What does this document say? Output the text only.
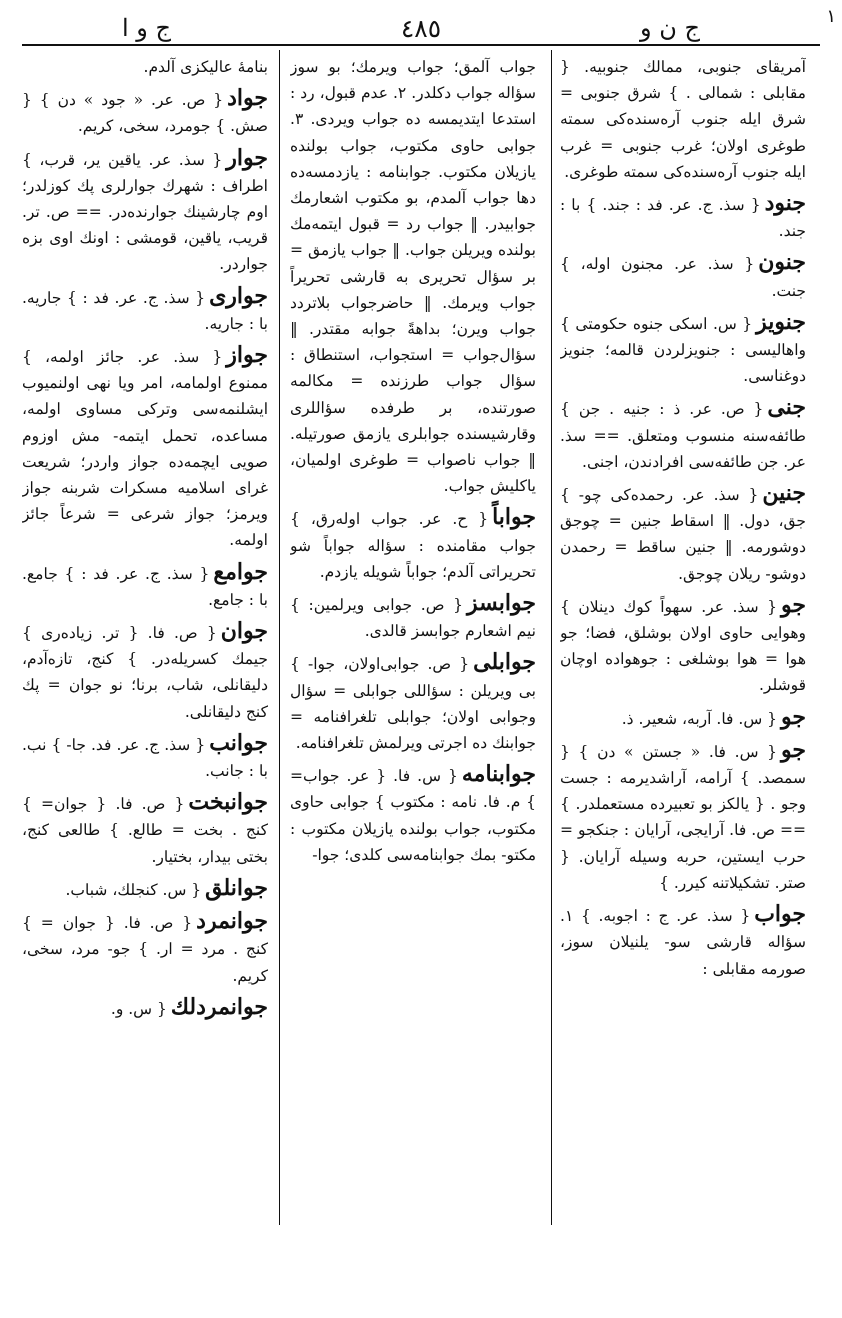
ج و ا	٤٨٥	ج ن و	١
آمریقای جنوبی، ممالك جنوبیه. { مقابلی : شمالی . } شرق جنوبی = شرق ایله جنوب آره‌سنده‌کی سمته طوغری اولان؛ غرب جنوبی = غرب ایله جنوب آره‌سنده‌کی سمته طوغری.
جنود{ سذ. ج. عر. فد : جند. } با : جند.
جنون{ سذ. عر. مجنون اوله، } جنت.
جنویز{ س. اسکی جنوه حکومتی } واهالیسی : جنویزلردن قالمه؛ جنویز دوغناسی.
جنی{ ص. عر. ذ : جنیه . جن } طائفه‌سنه منسوب ومتعلق. == سذ. عر. جن طائفه‌سی افرادندن، اجنی.
جنین{ سذ. عر. رحمده‌کی چو- } جق، دول. ‖ اسقاط جنین = چوجق دوشورمه. ‖ جنین ساقط = رحمدن دوشو- ریلان چوجق.
جو{ سذ. عر. سهواً کوك دینلان } وهوایی حاوی اولان بوشلق، فضا؛ جو هوا = هوا بوشلغی : جوهواده اوچان قوشلر.
جو{ س. فا. آربه، شعیر. ذ.
جو{ س. فا. « جستن » دن } { سمصد. } آرامه، آراشدیرمه : جست وجو . { یالکز بو تعبیرده مستعملدر. } == ص. فا. آرایجی، آرایان : جنکجو = حرب ایستین، حربه وسیله آرایان. { صتر. تشکیلاتنه کیرر. }
جواب{ سذ. عر. ج : اجوبه. } ١. سؤاله قارشی سو- یلنیلان سوز، صورمه مقابلی :
جواب آلمق؛ جواب ویرمك؛ بو سوز سؤاله جواب دکلدر. ٢. عدم قبول، رد : استدعا ایتدیمسه ده جواب ویردی. ٣. جوابی حاوی مکتوب، جواب بولنده یازیلان مکتوب. جوابنامه : یازدمسه‌ده دها جواب آلمدم، بو مکتوب اشعارمك جوابیدر. ‖ جواب رد = قبول ایتمه‌مك بولنده ویریلن جواب. ‖ جواب یازمق = بر سؤال تحریری به قارشی تحریراً جواب ویرمك. ‖ حاضرجواب بلاتردد جواب ویرن؛ بداهةً جوابه مقتدر. ‖ سؤال‌جواب = استجواب، استنطاق : سؤال جواب طرزنده = مکالمه صورتنده، بر طرفده سؤاللری وقارشیسنده جوابلری یازمق صورتیله. ‖ جواب ناصواب = طوغری اولمیان، یاکلیش جواب.
جواباً{ ح. عر. جواب اوله‌رق، } جواب مقامنده : سؤاله جواباً شو تحریراتی آلدم؛ جواباً شویله یازدم.
جوابسز{ ص. جوابی ویرلمین: } نیم اشعارم جوابسز قالدی.
جوابلی{ ص. جوابی‌اولان، جوا- } بی ویریلن : سؤاللی جوابلی = سؤال وجوابی اولان؛ جوابلی تلغرافنامه = جوابنك ده اجرتی ویرلمش تلغرافنامه.
جوابنامه{ س. فا. { عر. جواب= } م. فا. نامه : مکتوب } جوابی حاوی مکتوب، جواب بولنده یازیلان مکتوب : مکتو- بمك جوابنامه‌سی کلدی؛ جوا-
بنامهٔ عالیکزی آلدم.
جواد{ ص. عر. « جود » دن } { صش. } جومرد، سخی، کریم.
جوار{ سذ. عر. یاقین یر، قرب، } اطراف : شهرك جوارلری پك کوزلدر؛ اوم چارشینك جوارنده‌در. == ص. تر. قریب، یاقین، قومشی : اونك اوی بزه جواردر.
جواری{ سذ. ج. عر. فد : } جاریه. با : جاریه.
جواز{ سذ. عر. جائز اولمه، } ممنوع اولمامه، امر ویا نهی اولنمیوب ایشلنمه‌سی وترکی مساوی اولمه، مساعده، تحمل ایتمه- مش اوزوم صویی ایچمه‌ده جواز واردر؛ شریعت غرای اسلامیه مسکرات شربنه جواز ویرمز؛ جواز شرعی = شرعاً جائز اولمه.
جوامع{ سذ. ج. عر. فد : } جامع. با : جامع.
جوان{ ص. فا. { تر. زیاده‌ری } جیمك کسریله‌در. } کنج، تازه‌آدم، دلیقانلی، شاب، برنا؛ نو جوان = پك کنج دلیقانلی.
جوانب{ سذ. ج. عر. فد. جا- } نب. با : جانب.
جوانبخت{ ص. فا. { جوان= } کنج . بخت = طالع. } طالعی کنج، بختی بیدار، بختیار.
جوانلق{ س. کنجلك، شباب.
جوانمرد{ ص. فا. { جوان = } کنج . مرد = ار. } جو- مرد، سخی، کریم.
جوانمردلك{ س. و.
